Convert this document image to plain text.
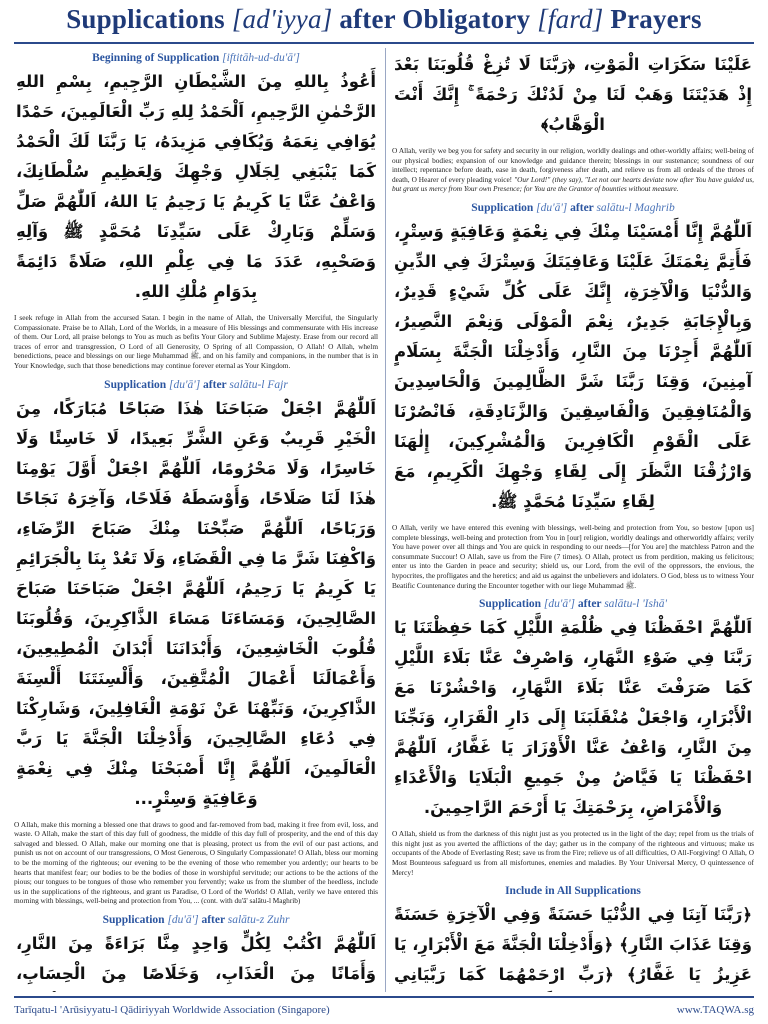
Supplications [ad'iyya] after Obligatory [fard] Prayers
Beginning of Supplication [iftitāh-ud-du'ā']
أَعُوذُ بِاللهِ مِنَ الشَّيْطَانِ الرَّجِيمِ، بِسْمِ اللهِ الرَّحْمٰنِ الرَّحِيمِ، اَلْحَمْدُ لِلهِ رَبِّ الْعَالَمِينَ، حَمْدًا يُوَافِي نِعَمَهُ وَيُكَافِي مَزِيدَهُ، يَا رَبَّنَا لَكَ الْحَمْدُ كَمَا يَنْبَغِي لِجَلَالِ وَجْهِكَ وَلِعَظِيمِ سُلْطَانِكَ، وَاعْفُ عَنَّا يَا كَرِيمُ يَا رَحِيمُ يَا اللهُ، اَللّٰهُمَّ صَلِّ وَسَلِّمْ وَبَارِكْ عَلَى سَيِّدِنَا مُحَمَّدٍ ﷺ وَآلِهِ وَصَحْبِهِ، عَدَدَ مَا فِي عِلْمِ اللهِ، صَلَاةً دَائِمَةً بِدَوَامِ مُلْكِ اللهِ.
I seek refuge in Allah from the accursed Satan. I begin in the name of Allah, the Universally Merciful, the Singularly Compassionate. Praise be to Allah, Lord of the Worlds, in a measure of His blessings and commensurate with His increase of them. Our Lord, all praise belongs to You as much as befits Your Glory and Sublime Majesty. Erase from our record all traces of error and transgression, O Lord of all Generosity, O Spring of all Compassion, O Allah! O Allah, whelm benedictions, peace and blessings on our liege Muhammad ﷺ, and on his family and companions, in the number that is in Your Knowledge, such that those benedictions may continue forever eternal as Your Kingdom.
Supplication [du'ā'] after salātu-l Fajr
اَللّٰهُمَّ اجْعَلْ صَبَاحَنَا هٰذَا صَبَاحًا مُبَارَكًا، مِنَ الْخَيْرِ قَرِيبٌ وَعَنِ الشَّرِّ بَعِيدًا، لَا خَاسِئًا وَلَا خَاسِرًا، وَلَا مَحْرُومًا، اَللّٰهُمَّ اجْعَلْ أَوَّلَ يَوْمِنَا هٰذَا لَنَا صَلَاحًا، وَأَوْسَطَهُ فَلَاحًا، وَآخِرَهُ نَجَاحًا وَرَبَاحًا، اَللّٰهُمَّ صَبِّحْنَا مِنْكَ صَبَاحَ الرِّضَاءِ، وَاكْفِنَا شَرَّ مَا فِي الْقَضَاءِ، وَلَا تَعُدْ بِنَا بِالْجَرَائِمِ يَا كَرِيمُ يَا رَحِيمُ، اَللّٰهُمَّ اجْعَلْ صَبَاحَنَا صَبَاحَ الصَّالِحِينَ، وَمَسَاءَنَا مَسَاءَ الذَّاكِرِينَ، وَقُلُوبَنَا قُلُوبَ الْخَاشِعِينَ، وَأَبْدَانَنَا أَبْدَانَ الْمُطِيعِينَ، وَأَعْمَالَنَا أَعْمَالَ الْمُتَّقِينَ، وَأَلْسِنَتَنَا أَلْسِنَةَ الذَّاكِرِينَ، وَنَبِّهْنَا عَنْ نَوْمَةِ الْغَافِلِينَ، وَشَارِكْنَا فِي دُعَاءِ الصَّالِحِينَ، وَأَدْخِلْنَا الْجَنَّةَ يَا رَبَّ الْعَالَمِينَ، اَللّٰهُمَّ إِنَّا أَصْبَحْنَا مِنْكَ فِي نِعْمَةٍ وَعَافِيَةٍ وَسِتْرٍ...
O Allah, make this morning a blessed one that draws to good and far-removed from bad, making it free from evil, loss, and waste. O Allah, make the start of this day full of goodness, the middle of this day full of prosperity, and the end of this day salvaged and blessed. O Allah, make our morning one that is pleasing, protect us from the evil of our past actions, and punish us not on account of our transgressions, O Most Generous, O Singularly Compassionate! O Allah, bless our morning to be the morning of the righteous; our evening to be the evening of those who remember you ardently; our hearts to be hearts that manifest fear; our bodies to be the bodies of those in worshipful servitude; our actions to be the actions of the pious; our tongues to be tongues of those who remember you fervently; wake us from the slumber of the heedless, include us in the supplications of the righteous, and grant us Paradise, O Lord of the Worlds! O Allah, verily we have entered this morning with blessings, well-being and protection from You, ... (cont. with du'ā' salātu-l Maghrib)
Supplication [du'ā'] after salātu-z Zuhr
اَللّٰهُمَّ اكْتُبْ لِكُلٍّ وَاحِدٍ مِنَّا بَرَاءَةً مِنَ النَّارِ، وَأَمَانًا مِنَ الْعَذَابِ، وَخَلَاصًا مِنَ الْحِسَابِ،
عَلَيْنَا سَكَرَاتِ الْمَوْتِ، ﴿رَبَّنَا لَا تُزِغْ قُلُوبَنَا بَعْدَ إِذْ هَدَيْتَنَا وَهَبْ لَنَا مِنْ لَدُنْكَ رَحْمَةً ۚ إِنَّكَ أَنْتَ الْوَهَّابُ﴾
O Allah, verily we beg you for safety and security in our religion, worldly dealings and other-worldly affairs; well-being of our physical bodies; expansion of our knowledge and guidance therein; blessings in our sustenance; soundness of our intellect; repentance before death, ease in death, forgiveness after death, and relieve us from all ordeals of the throes of death, O Hearer of every pleading voice! "Our Lord!" (they say), "Let not our hearts deviate now after You have guided us, but grant us mercy from Your own Presence; for You are the Grantor of bounties without measure.
Supplication [du'ā'] after salātu-l Maghrib
اَللّٰهُمَّ إِنَّا أَمْسَيْنَا مِنْكَ فِي نِعْمَةٍ وَعَافِيَةٍ وَسِتْرٍ، فَأَتِمَّ نِعْمَتَكَ عَلَيْنَا وَعَافِيَتَكَ وَسِتْرَكَ فِي الدِّينِ وَالدُّنْيَا وَالْآخِرَةِ، إِنَّكَ عَلَى كُلِّ شَيْءٍ قَدِيرٌ، وَبِالْإِجَابَةِ جَدِيرٌ، نِعْمَ الْمَوْلَى وَنِعْمَ النَّصِيرُ، اَللّٰهُمَّ أَجِرْنَا مِنَ النَّارِ، وَأَدْخِلْنَا الْجَنَّةَ بِسَلَامٍ آمِنِينَ، وَقِنَا رَبَّنَا شَرَّ الظَّالِمِينَ وَالْحَاسِدِينَ وَالْمُنَافِقِينَ وَالْفَاسِقِينَ وَالزَّنَادِقَةِ، فَانْصُرْنَا عَلَى الْقَوْمِ الْكَافِرِينَ وَالْمُشْرِكِينَ، إِلٰهَنَا وَارْزُقْنَا النَّظَرَ إِلَى لِقَاءِ وَجْهِكَ الْكَرِيمِ، مَعَ لِقَاءِ سَيِّدِنَا مُحَمَّدٍ ﷺ.
O Allah, verily we have entered this evening with blessings, well-being and protection from You, so bestow [upon us] complete blessings, well-being and protection from You in [our] religion, worldly dealings and otherworldly affairs; verily You have power over all things and You are quick in responding to our needs—[for You are] the matchless Patron and the consummate Succour! O Allah, save us from the Fire (7 times). O Allah, protect us from perdition, making us felicitous; enter us into the Garden in peace and security; shield us, our Lord, from the evil of the oppressors, the envious, the hypocrites, the profligates and the heretics; and aid us against the unbelievers and idolaters. O God, bless us to witness Your Beatific Countenance during the Encounter together with our liege Muhammad ﷺ.
Supplication [du'ā'] after salātu-l 'Ishā'
اَللّٰهُمَّ احْفَظْنَا فِي ظُلْمَةِ اللَّيْلِ كَمَا حَفِظْتَنَا يَا رَبَّنَا فِي ضَوْءِ النَّهَارِ، وَاصْرِفْ عَنَّا بَلَاءَ اللَّيْلِ كَمَا صَرَفْتَ عَنَّا بَلَاءَ النَّهَارِ، وَاحْشُرْنَا مَعَ الْأَبْرَارِ، وَاجْعَلْ مُنْقَلَبَنَا إِلَى دَارِ الْقَرَارِ، وَنَجِّنَا مِنَ النَّارِ، وَاعْفُ عَنَّا الْأَوْزَارَ يَا غَفَّارُ، اَللّٰهُمَّ احْفَظْنَا يَا فَيَّاضُ مِنْ جَمِيعِ الْبَلَايَا وَالْأَعْدَاءِ وَالْأَمْرَاضِ، بِرَحْمَتِكَ يَا أَرْحَمَ الرَّاحِمِينَ.
O Allah, shield us from the darkness of this night just as you protected us in the light of the day; repel from us the trials of this night just as you averted the afflictions of the day; gather us in the company of the righteous and virtuous; make us occupants of the Abode of Everlasting Rest; save us from the Fire; relieve us of all difficulties, O All-Forgiving! O Allah, O Most Bounteous safeguard us from all misfortunes, enemies and maladies. By Your Universal Mercy, O quintessence of Mercy!
Include in All Supplications
﴿رَبَّنَا آتِنَا فِي الدُّنْيَا حَسَنَةً وَفِي الْآخِرَةِ حَسَنَةً وَقِنَا عَذَابَ النَّارِ﴾ ﴿وَأَدْخِلْنَا الْجَنَّةَ مَعَ الْأَبْرَارِ، يَا عَزِيزُ يَا غَفَّارُ﴾ ﴿رَبِّ ارْحَمْهُمَا كَمَا رَبَّيَانِي
Tarīqatu-l 'Arūsiyyatu-l Qādiriyyah Worldwide Association (Singapore)	www.TAQWA.sg
